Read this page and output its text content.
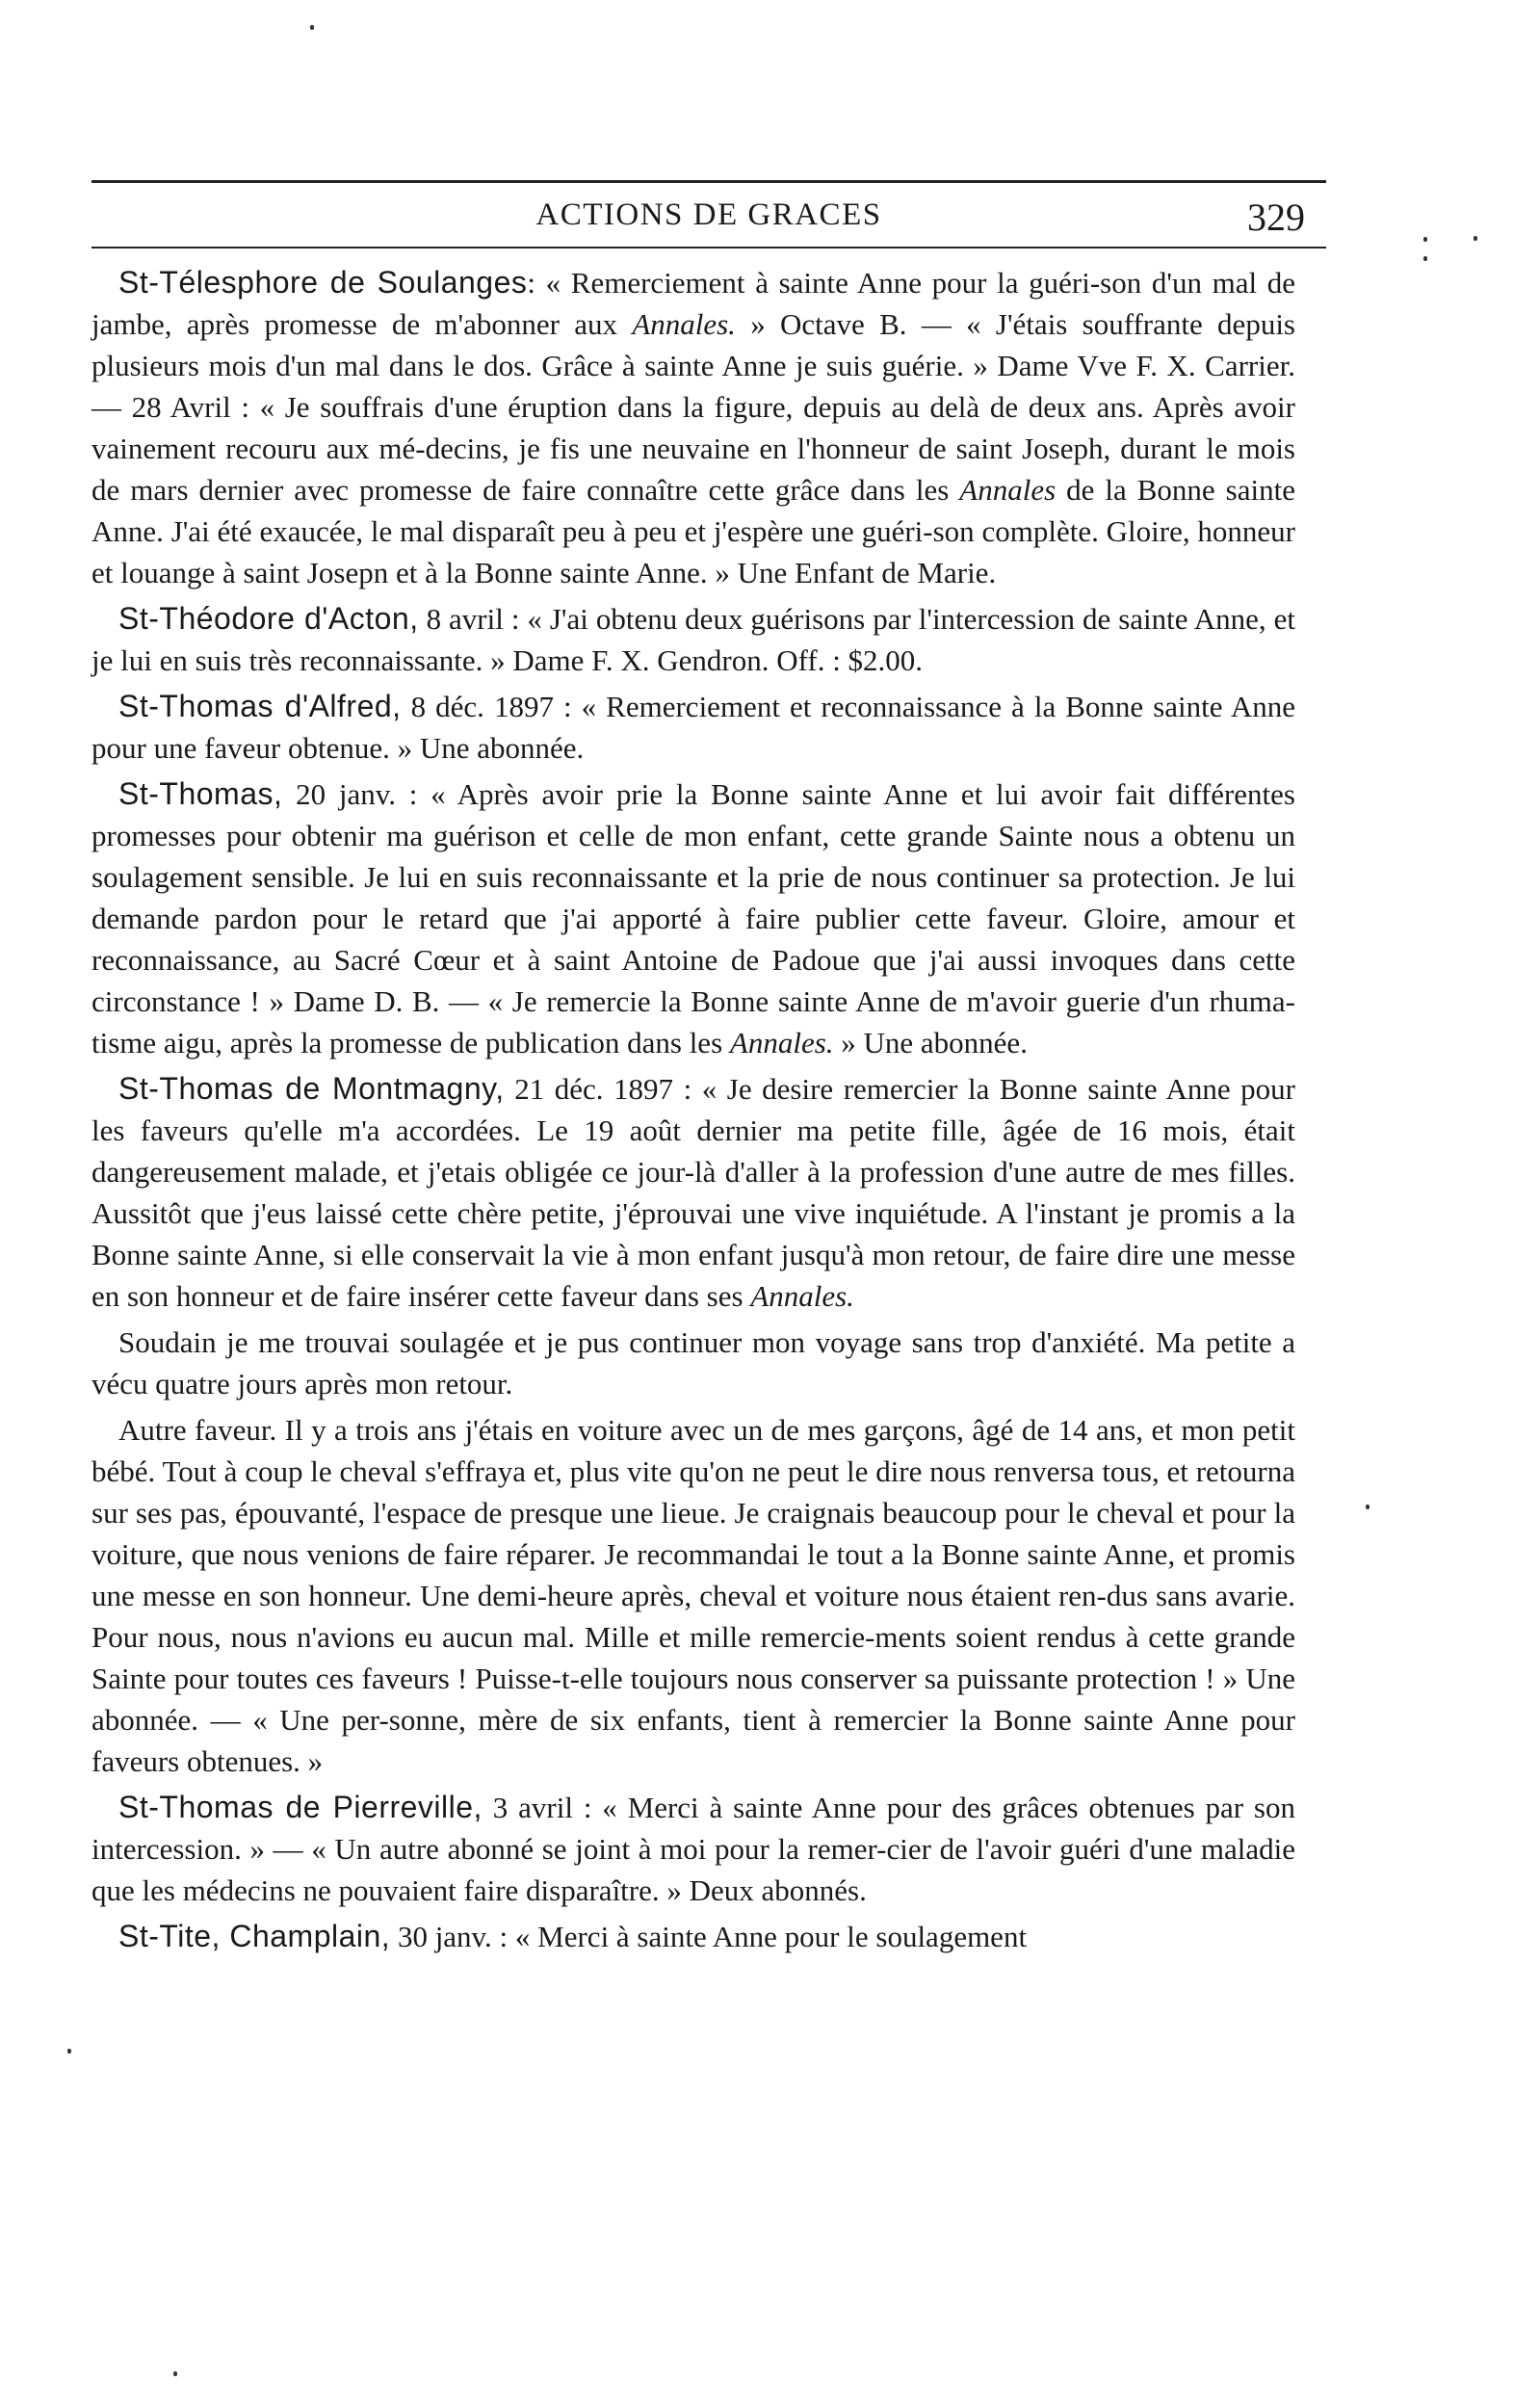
ACTIONS DE GRACES	329

St-Télesphore de Soulanges: « Remerciement à sainte Anne pour la guéri-son d'un mal de jambe, après promesse de m'abonner aux Annales. » Octave B. — « J'étais souffrante depuis plusieurs mois d'un mal dans le dos. Grâce à sainte Anne je suis guérie. » Dame Vve F. X. Carrier. — 28 Avril : « Je souffrais d'une éruption dans la figure, depuis au delà de deux ans. Après avoir vainement recouru aux mé-decins, je fis une neuvaine en l'honneur de saint Joseph, durant le mois de mars dernier avec promesse de faire connaître cette grâce dans les Annales de la Bonne sainte Anne. J'ai été exaucée, le mal disparaît peu à peu et j'espère une guéri-son complète. Gloire, honneur et louange à saint Josepn et à la Bonne sainte Anne. » Une Enfant de Marie.

St-Théodore d'Acton, 8 avril : « J'ai obtenu deux guérisons par l'intercession de sainte Anne, et je lui en suis très reconnaissante. » Dame F. X. Gendron. Off. : $2.00.

St-Thomas d'Alfred, 8 déc. 1897 : « Remerciement et reconnaissance à la Bonne sainte Anne pour une faveur obtenue. » Une abonnée.

St-Thomas, 20 janv. : « Après avoir prie la Bonne sainte Anne et lui avoir fait différentes promesses pour obtenir ma guérison et celle de mon enfant, cette grande Sainte nous a obtenu un soulagement sensible. Je lui en suis reconnaissante et la prie de nous continuer sa protection. Je lui demande pardon pour le retard que j'ai apporté à faire publier cette faveur. Gloire, amour et reconnaissance, au Sacré Cœur et à saint Antoine de Padoue que j'ai aussi invoques dans cette circonstance ! » Dame D. B. — « Je remercie la Bonne sainte Anne de m'avoir guerie d'un rhuma-tisme aigu, après la promesse de publication dans les Annales. » Une abonnée.

St-Thomas de Montmagny, 21 déc. 1897 : « Je desire remercier la Bonne sainte Anne pour les faveurs qu'elle m'a accordées. Le 19 août dernier ma petite fille, âgée de 16 mois, était dangereusement malade, et j'etais obligée ce jour-là d'aller à la profession d'une autre de mes filles. Aussitôt que j'eus laissé cette chère petite, j'éprouvai une vive inquiétude. A l'instant je promis a la Bonne sainte Anne, si elle conservait la vie à mon enfant jusqu'à mon retour, de faire dire une messe en son honneur et de faire insérer cette faveur dans ses Annales.

Soudain je me trouvai soulagée et je pus continuer mon voyage sans trop d'anxiété. Ma petite a vécu quatre jours après mon retour.

Autre faveur. Il y a trois ans j'étais en voiture avec un de mes garçons, âgé de 14 ans, et mon petit bébé. Tout à coup le cheval s'effraya et, plus vite qu'on ne peut le dire nous renversa tous, et retourna sur ses pas, épouvanté, l'espace de presque une lieue. Je craignais beaucoup pour le cheval et pour la voiture, que nous venions de faire réparer. Je recommandai le tout a la Bonne sainte Anne, et promis une messe en son honneur. Une demi-heure après, cheval et voiture nous étaient ren-dus sans avarie. Pour nous, nous n'avions eu aucun mal. Mille et mille remercie-ments soient rendus à cette grande Sainte pour toutes ces faveurs ! Puisse-t-elle toujours nous conserver sa puissante protection ! » Une abonnée. — « Une per-sonne, mère de six enfants, tient à remercier la Bonne sainte Anne pour faveurs obtenues. »

St-Thomas de Pierreville, 3 avril : « Merci à sainte Anne pour des grâces obtenues par son intercession. » — « Un autre abonné se joint à moi pour la remer-cier de l'avoir guéri d'une maladie que les médecins ne pouvaient faire disparaître. » Deux abonnés.

St-Tite, Champlain, 30 janv. : « Merci à sainte Anne pour le soulagement
